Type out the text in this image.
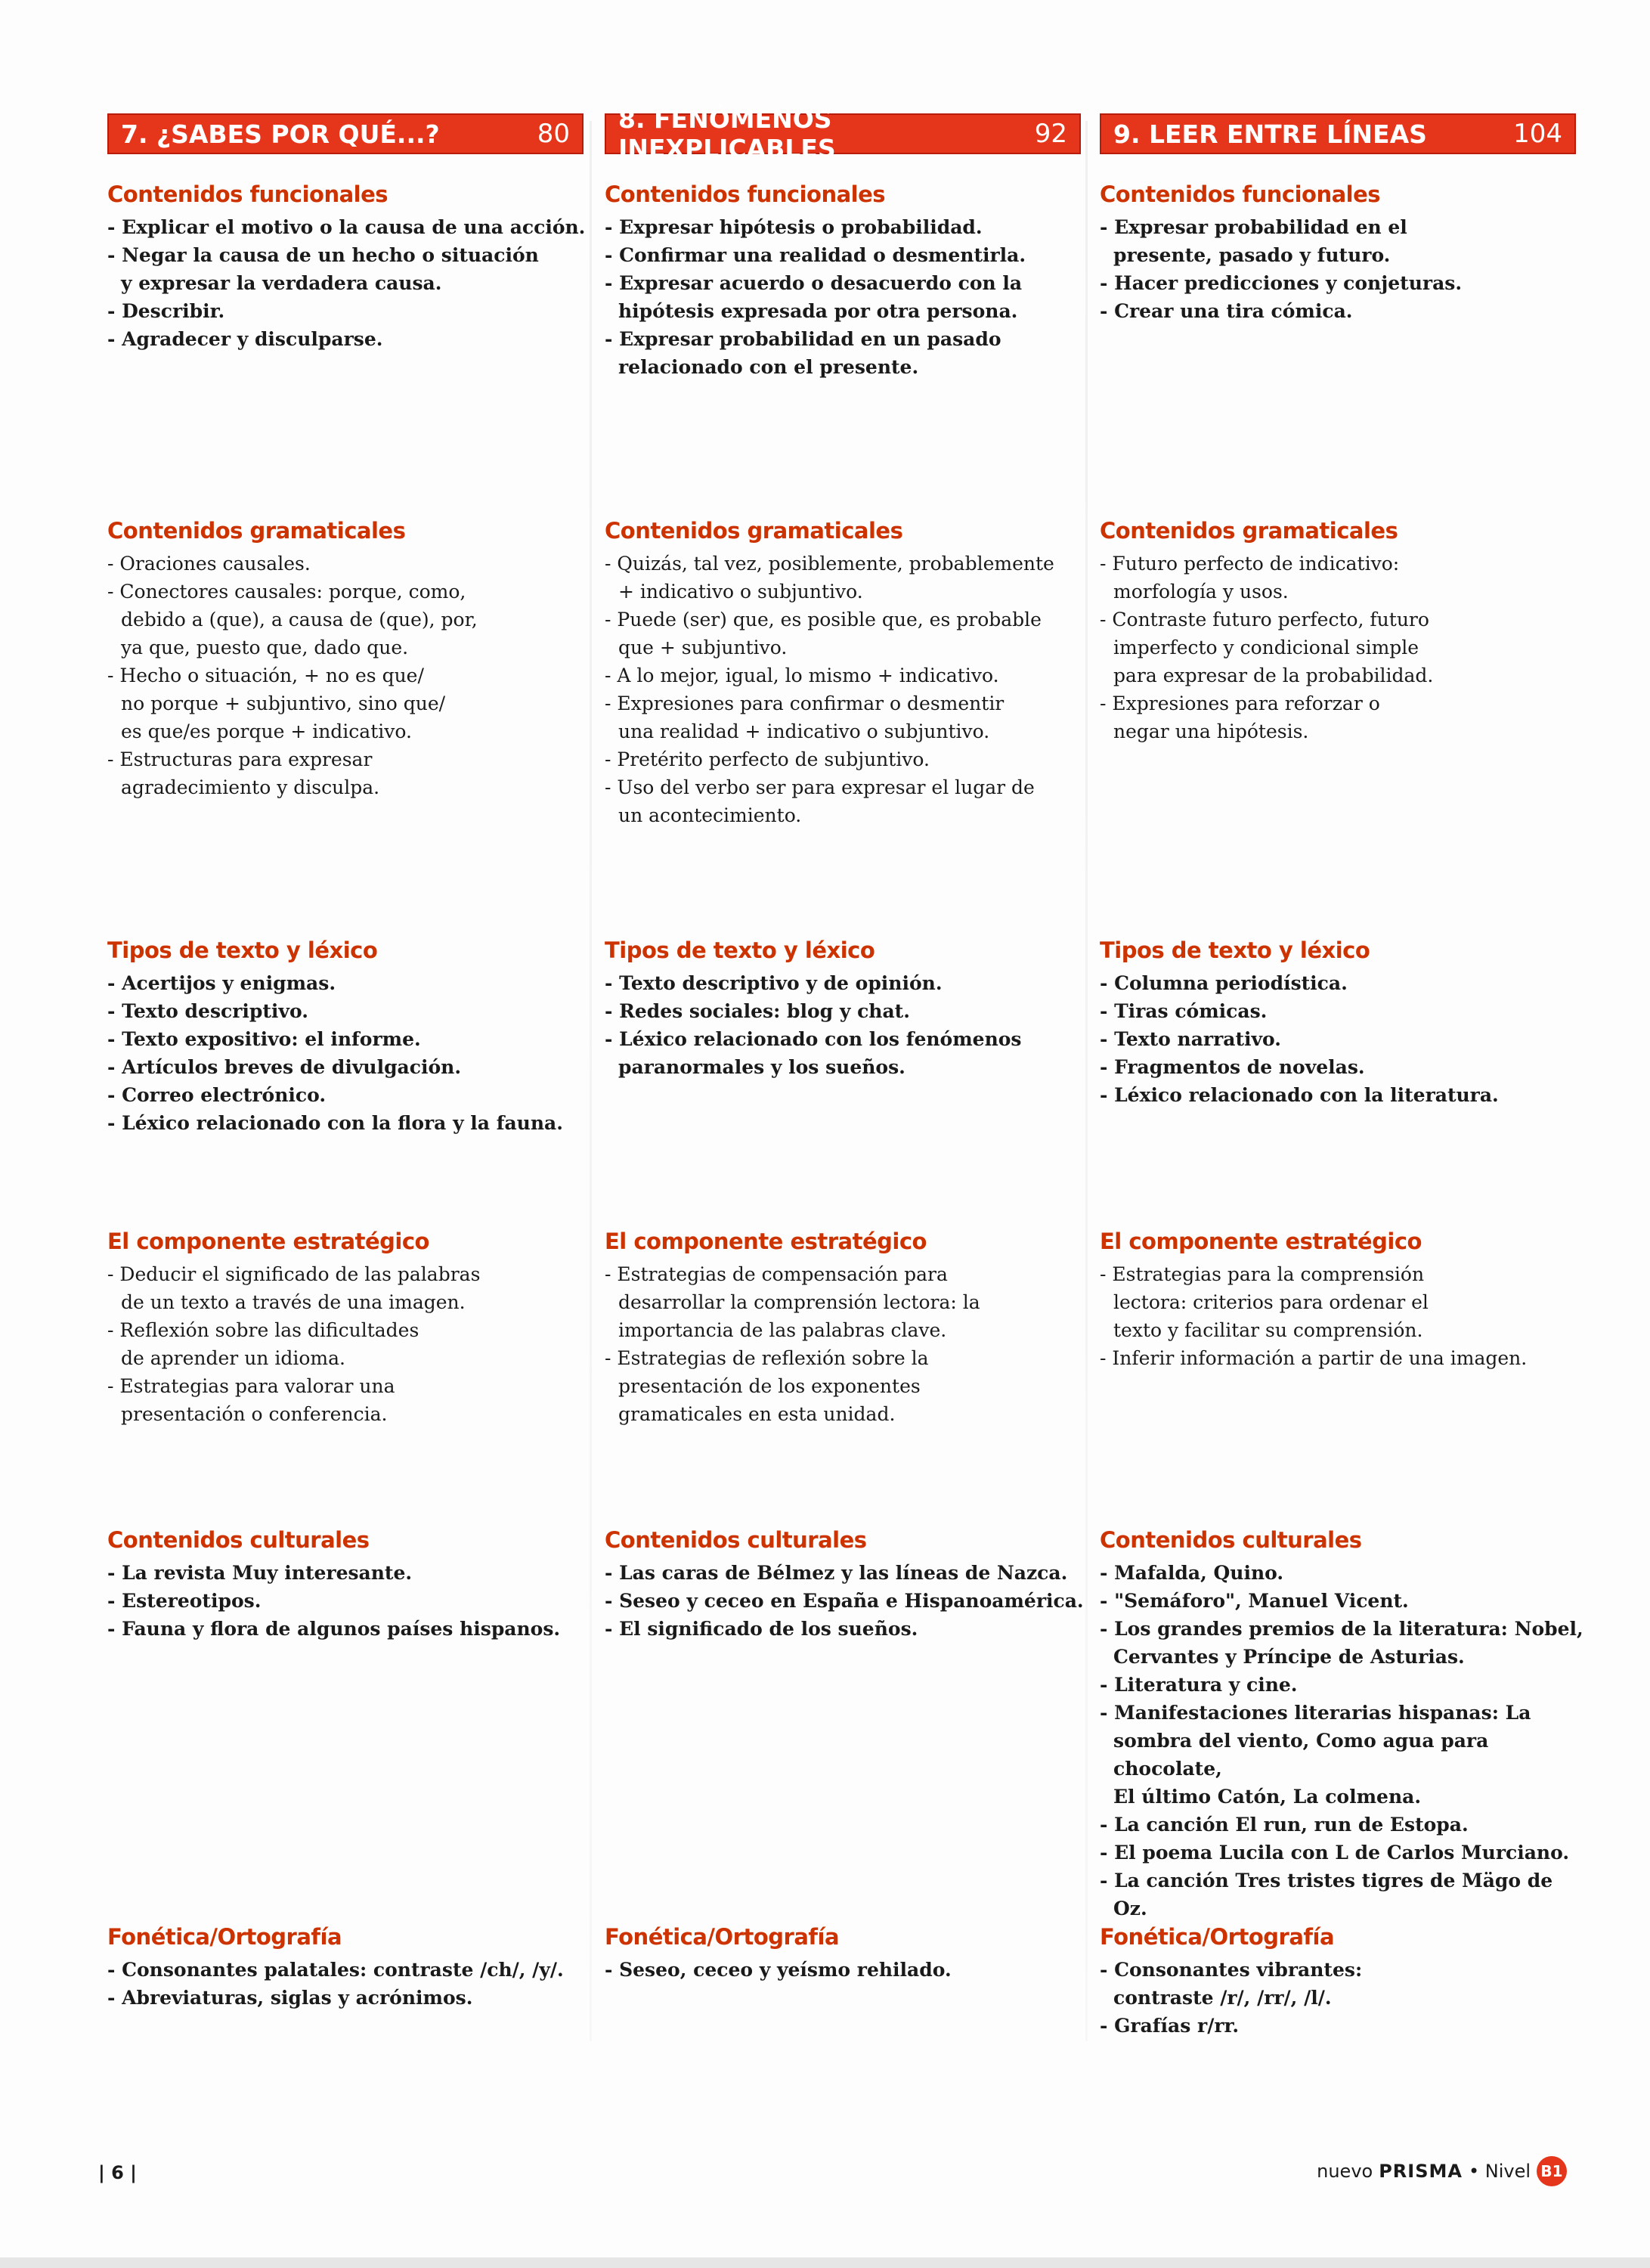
7. ¿SABES POR QUÉ...?	80
Contenidos funcionales
- Explicar el motivo o la causa de una acción.
- Negar la causa de un hecho o situación
y expresar la verdadera causa.
- Describir.
- Agradecer y disculparse.
Contenidos gramaticales
- Oraciones causales.
- Conectores causales: porque, como,
debido a (que), a causa de (que), por,
ya que, puesto que, dado que.
- Hecho o situación, + no es que/
no porque + subjuntivo, sino que/
es que/es porque + indicativo.
- Estructuras para expresar
agradecimiento y disculpa.
Tipos de texto y léxico
- Acertijos y enigmas.
- Texto descriptivo.
- Texto expositivo: el informe.
- Artículos breves de divulgación.
- Correo electrónico.
- Léxico relacionado con la flora y la fauna.
El componente estratégico
- Deducir el significado de las palabras
de un texto a través de una imagen.
- Reflexión sobre las dificultades
de aprender un idioma.
- Estrategias para valorar una
presentación o conferencia.
Contenidos culturales
- La revista Muy interesante.
- Estereotipos.
- Fauna y flora de algunos países hispanos.
Fonética/Ortografía
- Consonantes palatales: contraste /ch/, /y/.
- Abreviaturas, siglas y acrónimos.
8. FENÓMENOS INEXPLICABLES	92
Contenidos funcionales
- Expresar hipótesis o probabilidad.
- Confirmar una realidad o desmentirla.
- Expresar acuerdo o desacuerdo con la
hipótesis expresada por otra persona.
- Expresar probabilidad en un pasado
relacionado con el presente.
Contenidos gramaticales
- Quizás, tal vez, posiblemente, probablemente
+ indicativo o subjuntivo.
- Puede (ser) que, es posible que, es probable
que + subjuntivo.
- A lo mejor, igual, lo mismo + indicativo.
- Expresiones para confirmar o desmentir
una realidad + indicativo o subjuntivo.
- Pretérito perfecto de subjuntivo.
- Uso del verbo ser para expresar el lugar de
un acontecimiento.
Tipos de texto y léxico
- Texto descriptivo y de opinión.
- Redes sociales: blog y chat.
- Léxico relacionado con los fenómenos
paranormales y los sueños.
El componente estratégico
- Estrategias de compensación para
desarrollar la comprensión lectora: la
importancia de las palabras clave.
- Estrategias de reflexión sobre la
presentación de los exponentes
gramaticales en esta unidad.
Contenidos culturales
- Las caras de Bélmez y las líneas de Nazca.
- Seseo y ceceo en España e Hispanoamérica.
- El significado de los sueños.
Fonética/Ortografía
- Seseo, ceceo y yeísmo rehilado.
9. LEER ENTRE LÍNEAS	104
Contenidos funcionales
- Expresar probabilidad en el
presente, pasado y futuro.
- Hacer predicciones y conjeturas.
- Crear una tira cómica.
Contenidos gramaticales
- Futuro perfecto de indicativo:
morfología y usos.
- Contraste futuro perfecto, futuro
imperfecto y condicional simple
para expresar de la probabilidad.
- Expresiones para reforzar o
negar una hipótesis.
Tipos de texto y léxico
- Columna periodística.
- Tiras cómicas.
- Texto narrativo.
- Fragmentos de novelas.
- Léxico relacionado con la literatura.
El componente estratégico
- Estrategias para la comprensión
lectora: criterios para ordenar el
texto y facilitar su comprensión.
- Inferir información a partir de una imagen.
Contenidos culturales
- Mafalda, Quino.
- "Semáforo", Manuel Vicent.
- Los grandes premios de la literatura: Nobel,
Cervantes y Príncipe de Asturias.
- Literatura y cine.
- Manifestaciones literarias hispanas: La
sombra del viento, Como agua para chocolate,
El último Catón, La colmena.
- La canción El run, run de Estopa.
- El poema Lucila con L de Carlos Murciano.
- La canción Tres tristes tigres de Mägo de Oz.
Fonética/Ortografía
- Consonantes vibrantes:
contraste /r/, /rr/, /l/.
- Grafías r/rr.
| 6 |	nuevo PRISMA • Nivel B1
